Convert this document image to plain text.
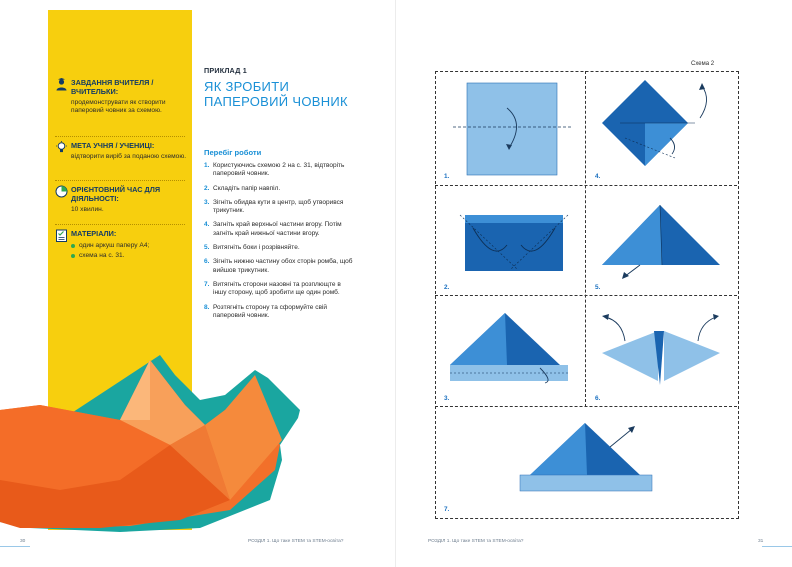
ЗАВДАННЯ ВЧИТЕЛЯ / ВЧИТЕЛЬКИ:
продемонструвати як створити паперовий човник за схемою.
МЕТА УЧНЯ / УЧЕНИЦІ:
відтворити виріб за поданою схемою.
ОРІЄНТОВНИЙ ЧАС ДЛЯ ДІЯЛЬНОСТІ:
10 хвилин.
МАТЕРІАЛИ:
один аркуш паперу А4;
схема на с. 31.
ПРИКЛАД 1
ЯК ЗРОБИТИ ПАПЕРОВИЙ ЧОВНИК
Перебіг роботи
1. Користуючись схемою 2 на с. 31, відтворіть паперовий човник.
2. Складіть папір навпіл.
3. Зігніть обидва кути в центр, щоб утворився трикутник.
4. Загніть край верхньої частини вгору. Потім загніть край нижньої частини вгору.
5. Витягніть боки і розрівняйте.
6. Зігніть нижню частину обох сторін ромба, щоб вийшов трикутник.
7. Витягніть сторони назовні та розплющте в іншу сторону, щоб зробити ще один ромб.
8. Розтягніть сторону та сформуйте свій паперовий човник.
30	РОЗДІЛ 1. Що таке STEM та STEM-освіта?	РОЗДІЛ 1. Що таке STEM та STEM-освіта?	31
Схема 2
1.
2.
3.
4.
5.
6.
7.
